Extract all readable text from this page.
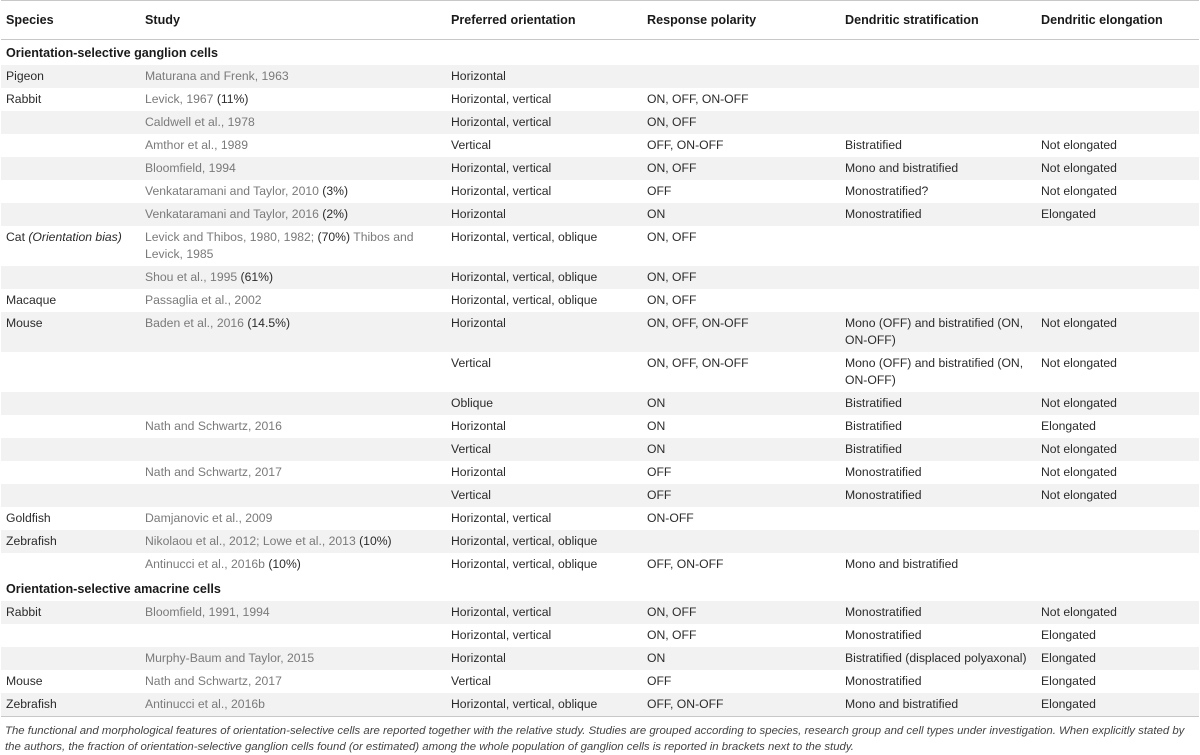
Species	Study	Preferred orientation	Response polarity	Dendritic stratification	Dendritic elongation
Orientation-selective ganglion cells					
Pigeon	Maturana and Frenk, 1963	Horizontal			
Rabbit	Levick, 1967 (11%)	Horizontal, vertical	ON, OFF, ON-OFF		
	Caldwell et al., 1978	Horizontal, vertical	ON, OFF		
	Amthor et al., 1989	Vertical	OFF, ON-OFF	Bistratified	Not elongated
	Bloomfield, 1994	Horizontal, vertical	ON, OFF	Mono and bistratified	Not elongated
	Venkataramani and Taylor, 2010 (3%)	Horizontal, vertical	OFF	Monostratified?	Not elongated
	Venkataramani and Taylor, 2016 (2%)	Horizontal	ON	Monostratified	Elongated
Cat (Orientation bias)	Levick and Thibos, 1980, 1982; (70%) Thibos and Levick, 1985	Horizontal, vertical, oblique	ON, OFF		
	Shou et al., 1995 (61%)	Horizontal, vertical, oblique	ON, OFF		
Macaque	Passaglia et al., 2002	Horizontal, vertical, oblique	ON, OFF		
Mouse	Baden et al., 2016 (14.5%)	Horizontal	ON, OFF, ON-OFF	Mono (OFF) and bistratified (ON, ON-OFF)	Not elongated
		Vertical	ON, OFF, ON-OFF	Mono (OFF) and bistratified (ON, ON-OFF)	Not elongated
		Oblique	ON	Bistratified	Not elongated
	Nath and Schwartz, 2016	Horizontal	ON	Bistratified	Elongated
		Vertical	ON	Bistratified	Not elongated
	Nath and Schwartz, 2017	Horizontal	OFF	Monostratified	Not elongated
		Vertical	OFF	Monostratified	Not elongated
Goldfish	Damjanovic et al., 2009	Horizontal, vertical	ON-OFF		
Zebrafish	Nikolaou et al., 2012; Lowe et al., 2013 (10%)	Horizontal, vertical, oblique			
	Antinucci et al., 2016b (10%)	Horizontal, vertical, oblique	OFF, ON-OFF	Mono and bistratified	
Orientation-selective amacrine cells					
Rabbit	Bloomfield, 1991, 1994	Horizontal, vertical	ON, OFF	Monostratified	Not elongated
		Horizontal, vertical	ON, OFF	Monostratified	Elongated
	Murphy-Baum and Taylor, 2015	Horizontal	ON	Bistratified (displaced polyaxonal)	Elongated
Mouse	Nath and Schwartz, 2017	Vertical	OFF	Monostratified	Elongated
Zebrafish	Antinucci et al., 2016b	Horizontal, vertical, oblique	OFF, ON-OFF	Mono and bistratified	Elongated
The functional and morphological features of orientation-selective cells are reported together with the relative study. Studies are grouped according to species, research group and cell types under investigation. When explicitly stated by the authors, the fraction of orientation-selective ganglion cells found (or estimated) among the whole population of ganglion cells is reported in brackets next to the study.
